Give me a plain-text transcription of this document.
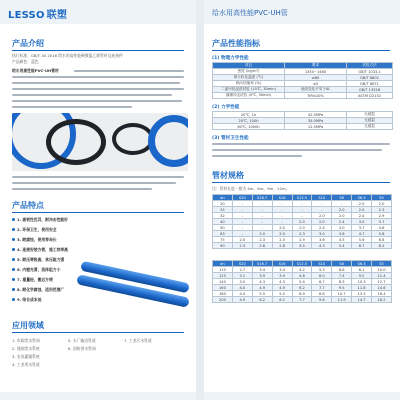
LESSO 联塑
产品介绍
执行标准：GB/T 40 2016 给水用高性能硬聚氯乙烯管材及连接件
产品颜色：蓝色
给水用高性能PVC-UH管材
产品特点
1. 高韧性优异，耐冲击性能好
2. 环保卫生，使用安全
3. 耐腐蚀，使用寿命长
4. 连接安装方便，施工效率高
5. 耐压等级高，承压能力强
6. 内壁光滑，流体阻力小
7. 重量轻，搬运方便
8. 耐化学腐蚀，适用范围广
9. 综合成本低
应用领域
1. 市政给水管网
2. 建筑给水系统
3. 农田灌溉系统
4. 工业用水管道
5. 水厂输送管道
6. 消防供水管网
7. 工业污水管道
给水用高性能PVC-UH管
产品性能指标
(1) 物理力学性能
项目	要求	试验方法
密度 (kg/m³)	1350~1460	GB/T 1033.1
维卡软化温度 (℃)	≥80	GB/T 8802
纵向回缩率 (%)	≤5	GB/T 6671
二氯甲烷浸渍试验 (15℃, 30min)	表面变化不劣于4L	GB/T 13526
落锤冲击试验 (0℃, 30min)	TIR≤10%	ASTM D2152
(2) 力学性能
20℃, 1h	42.0MPa	无破裂
20℃, 100h	35.0MPa	无破裂
60℃, 1000h	12.5MPa	无破裂
(3) 管材卫生性能
管材规格
注：管材长度一般为 4m、6m、9m、12m。
dn	S20	S16.7	S16	S12.5	S10	S8	S6.3	S5
20	-	-	-	-	-	-	2.0	2.0
25	-	-	-	-	-	2.0	2.0	2.3
32	-	-	-	-	2.0	2.0	2.4	2.9
40	-	-	-	2.0	2.0	2.4	3.0	3.7
50	-	-	2.0	2.0	2.4	3.0	3.7	4.6
63	-	2.0	2.0	2.3	3.0	3.8	4.7	5.8
75	2.0	2.3	2.3	2.9	3.6	4.5	5.6	6.8
90	2.3	2.8	2.8	3.5	4.3	5.4	6.7	8.2
dn	S20	S16.7	S16	S12.5	S10	S8	S6.3	S5
110	2.7	3.4	3.4	4.2	5.3	6.6	8.1	10.0
125	3.1	3.9	3.9	4.8	6.0	7.4	9.2	11.4
140	3.5	4.3	4.3	5.4	6.7	8.3	10.3	12.7
160	4.0	4.9	4.9	6.2	7.7	9.5	11.8	14.6
180	4.4	5.5	5.5	6.9	8.6	10.7	13.3	16.4
200	4.9	6.2	6.2	7.7	9.6	11.9	14.7	18.2
